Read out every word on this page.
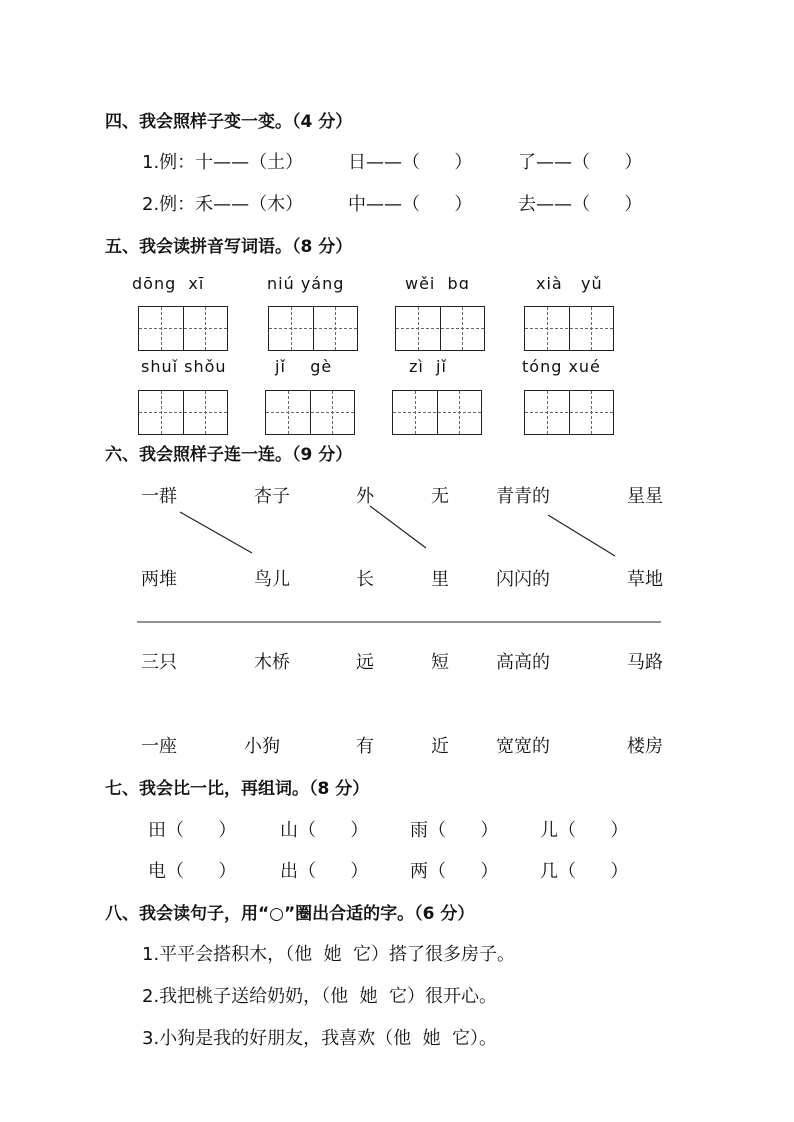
四、我会照样子变一变。（4 分）
1.例：十——（土） 日——（      ）	了——（      ）
2.例：禾——（木） 中——（      ）	去——（      ）
五、我会读拼音写词语。（8 分）
dōng  xī	niú yáng	wěi  bɑ	xià   yǔ
shuǐ shǒu	jǐ    gè	zì  jǐ	tóng xué
六、我会照样子连一连。（9 分）
一群	杏子	外	无	青青的	星星
两堆	鸟儿	长	里	闪闪的	草地
三只	木桥	远	短	高高的	马路
一座	小狗	有	近	宽宽的	楼房
七、我会比一比，再组词。（8 分）
田（      ） 山（      ） 雨（      ） 儿（      ）
电（      ） 出（      ） 两（      ） 几（      ）
八、我会读句子，用“○”圈出合适的字。（6 分）
1.平平会搭积木，（他  她  它）搭了很多房子。
2.我把桃子送给奶奶，（他  她  它）很开心。
3.小狗是我的好朋友，我喜欢（他  她  它）。
